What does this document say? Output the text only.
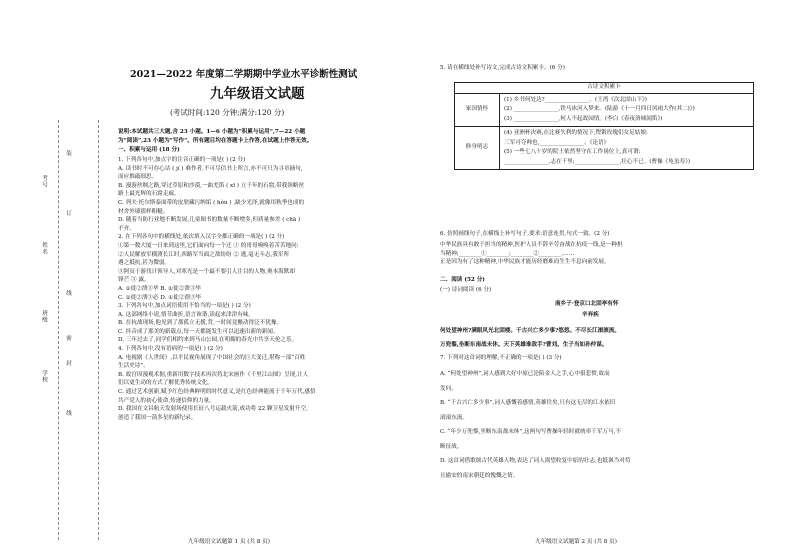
学校
班级
姓名
考号
装
订
线
密
封
线
2021—2022 年度第二学期期中学业水平诊断性测试
九年级语文试题
(考试时间:120 分钟;满分:120 分)
说明:本试题共三大题,含 23 小题。1—6 小题为“积累与运用”,7—22 小题
为“阅读”,23 小题为“写作”。所有题目均在答题卡上作答,在试题上作答无效。
一、积累与运用 (18 分)
1. 下列各句中,加点字的注音正确的一项是( ) (2 分)
A. 读书时不可存心诘 ( jí ) 难作者,不可尽信书上所言,亦不可只为寻章摘句,
而应推敲细思。
B. 漫游丝绸之路,穿过草原和沙漠,一曲羌笛 ( xī ) 立千年的石窟,带我领略丝
路上最光辉的石窟走廊。
C. 列夫·托尔斯泰面带的皮肤藏污纳垢 ( hòu ) ,缺少光泽,就像用秋季也成的
村舍外墙那样粗糙。
D. 随着当防行业地不断发展,儿童图书的数量不断增多,但质量参差 ( chā )
不齐。
2. 在下列各句中的横线处,依次填入汉字全都正确的一项是( ) (2 分)
①第一数大厦一日来到这里,它们面向每一个迁 ① 的哥哥嗅嗅着苦苦地问:
②人民解放军横渡长江时,西路军当面之敌纷纷 ② 逃,毫无斗志,我军所
遇之抵抗,甚为微弱。
③阿页于游伐计领导人,对寒光是一个最不要引人注目的人物,奥本海默却
锋芒 ③ 露。
A. ①徙②溃③毕 B. ①徙②溃③毕
C. ①徙②溃③必 D. ①徙②溃③毕
3. 下列各句中,加点词语使用不恰当的一项是( ) (2 分)
A. 这部网络小说,情节曲折,语言诙谐,读起来津津有味。
B. 在抗战现场,他见到了那孤立无援,背,一时间竟搬动得泛不犹豫。
C. 抖音成了那美的新载点,每一天都能发生可以迅速出新的新闻。
D. 三年过去了,同学们相约来到马山公园,在明媚的春光中共享天伦之乐。
4. 下列各句中,没有语病的一项是( ) (2 分)
A. 电视剧《人世间》,以平民视角展现了中国社会的巨大变迁,堪称一部“百姓
生活史诗”。
B. 故宫因漫观术据,重新用数字技术再次将北宋画作《千里江山图》呈现,让人
们以更生动的方式了解优秀传统文化。
C. 通过艺术创新,赋予红色经典鲜明的时代意义,是红色经典能流于千年万代,感悟
共产党人的初心使命,传递信仰的力量。
D. 我国在文昌航天发射场使用长征八号运载火箭,成功将 22 颗卫星发射升空,
创造了我国一箭多星的新纪录。
九年级语文试题第 1 页 (共 8 页)
5. 请在横线处补写诗文,完成古诗文积累卡。(6 分)
古诗文积累卡	
家国情怀	(1) 乡书何处达?________________。(王湾《次北固山下》)
(2) ________________,铁马冰河入梦来。(陆游《十一月四日风雨大作(其二)》)
(3) ________________,何人不起故园情。(李白《春夜洛城闻笛》)

修身明志	(4) 亚洲杯决赛,在比赛失利的情况下,铿锵玫瑰们女足姑娘:
三军可夺帅也,________________。《论语》
(5) 一些七八十岁的院士依然坚守在工作岗位上,真可谓:
________________,志在千里;________________,壮心不已。(曹操《龟虽寿》)
6. 仿照画线句子,在横线上补写句子,要求:语意连贯,句式一致。(2 分)
中华民族具有敢于担当的精神,医护人员不辞辛劳奋战在抗疫一线,是一种担
当精神;________①________;________②________,……
正是因为有了这种精神,中华民族才能历经磨难而生生不息向前发展。
二、阅读 (52 分)
(一) 诗词阅读 (6 分)
南乡子·登京口北固亭有怀
辛弃疾
何处望神州?满眼风光北固楼。千古兴亡多少事?悠悠。不尽长江滚滚流。
万兜鍪,坐断东南战未休。天下英雄谁敌手?曹刘。生子当如孙仲谋。
7. 下列对这首词的理解,不正确的一项是( ) (3 分)
A. “何处望神州”,词人感到大好中原已沦陷金人之手,心中很悲愤,故而
发问。
B. “千古兴亡多少事”,词人感慨着感情,英雄往矣,只有这无尽的江水依旧
滚滚东流。
C. “年少万兜鍪,坐断东南战未休”,这两句写曹操年轻时就统率千军万马,不
断征战。
D. 这首词借歌颂古代英雄人物,表达了词人渴望收复中原的壮志,也抵讽当对苟
且偷安的南宋朝廷的愧慨之情。
九年级语文试题第 2 页 (共 8 页)
